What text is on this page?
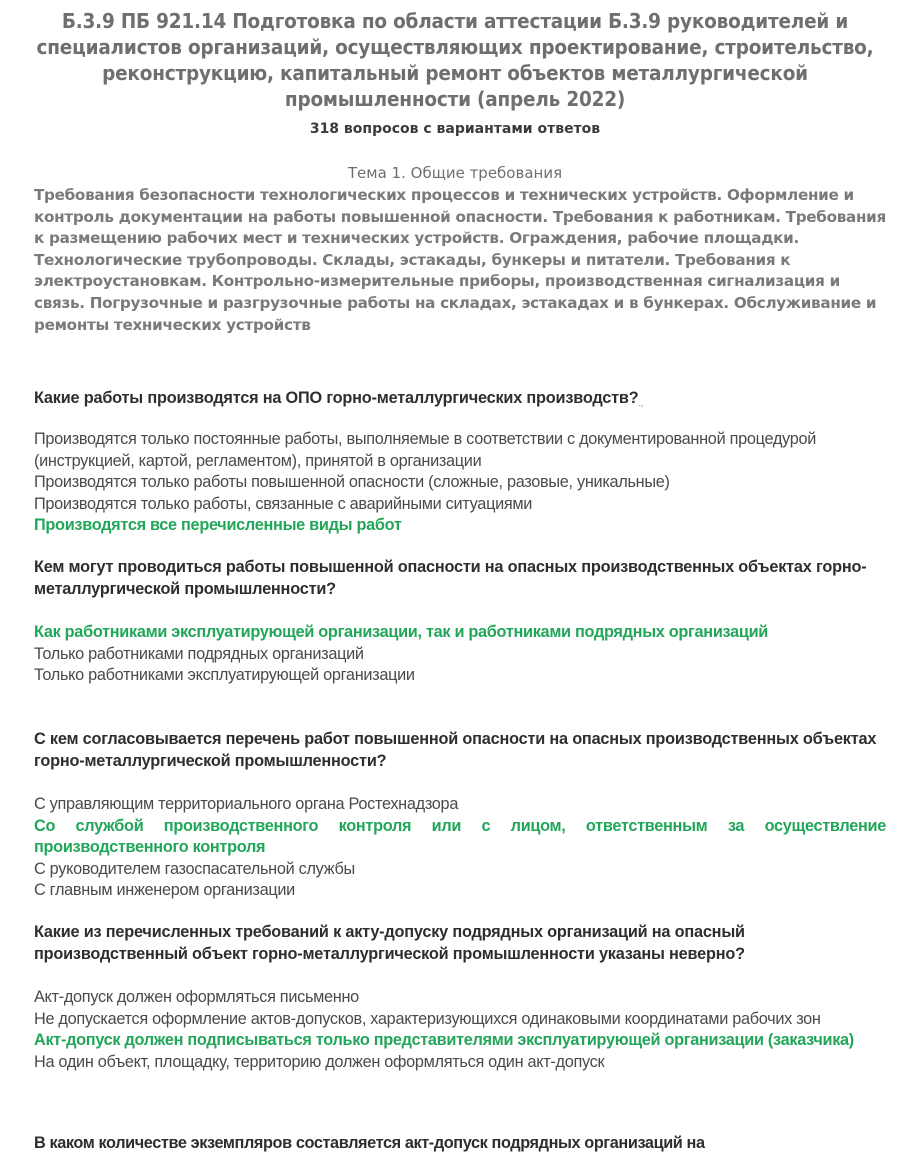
Б.3.9 ПБ 921.14 Подготовка по области аттестации Б.3.9 руководителей и специалистов организаций, осуществляющих проектирование, строительство, реконструкцию, капитальный ремонт объектов металлургической промышленности (апрель 2022)
318 вопросов с вариантами ответов
Тема 1. Общие требования
Требования безопасности технологических процессов и технических устройств. Оформление и контроль документации на работы повышенной опасности. Требования к работникам. Требования к размещению рабочих мест и технических устройств. Ограждения, рабочие площадки. Технологические трубопроводы. Склады, эстакады, бункеры и питатели. Требования к электроустановкам. Контрольно-измерительные приборы, производственная сигнализация и связь. Погрузочные и разгрузочные работы на складах, эстакадах и в бункерах. Обслуживание и ремонты технических устройств
Какие работы производятся на ОПО горно-металлургических производств?.,
Производятся только постоянные работы, выполняемые в соответствии с документированной процедурой (инструкцией, картой, регламентом), принятой в организации
Производятся только работы повышенной опасности (сложные, разовые, уникальные)
Производятся только работы, связанные с аварийными ситуациями
Производятся все перечисленные виды работ
Кем могут проводиться работы повышенной опасности на опасных производственных объектах горно-металлургической промышленности?
Как работниками эксплуатирующей организации, так и работниками подрядных организаций
Только работниками подрядных организаций
Только работниками эксплуатирующей организации
С кем согласовывается перечень работ повышенной опасности на опасных производственных объектах горно-металлургической промышленности?
С управляющим территориального органа Ростехнадзора
Со службой производственного контроля или с лицом, ответственным за осуществление производственного контроля
С руководителем газоспасательной службы
С главным инженером организации
Какие из перечисленных требований к акту-допуску подрядных организаций на опасный производственный объект горно-металлургической промышленности указаны неверно?
Акт-допуск должен оформляться письменно
Не допускается оформление актов-допусков, характеризующихся одинаковыми координатами рабочих зон
Акт-допуск должен подписываться только представителями эксплуатирующей организации (заказчика)
На один объект, площадку, территорию должен оформляться один акт-допуск
В каком количестве экземпляров составляется акт-допуск подрядных организаций на
